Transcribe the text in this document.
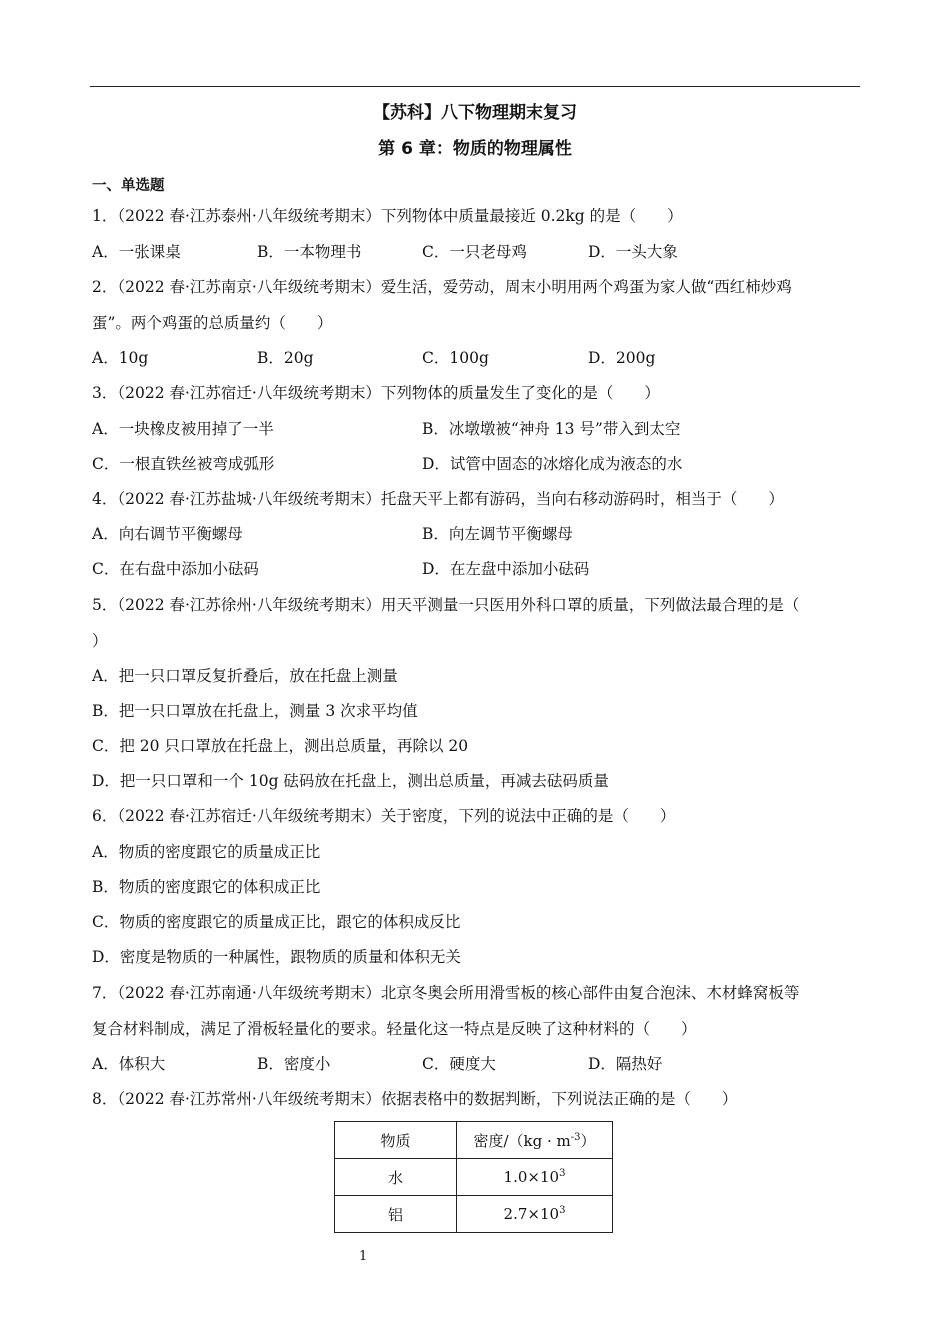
【苏科】八下物理期末复习
第 6 章：物质的物理属性
一、单选题
1．（2022 春·江苏泰州·八年级统考期末）下列物体中质量最接近 0.2kg 的是（　　）
A．一张课桌	B．一本物理书	C．一只老母鸡	D．一头大象
2．（2022 春·江苏南京·八年级统考期末）爱生活，爱劳动，周末小明用两个鸡蛋为家人做“西红柿炒鸡
蛋”。两个鸡蛋的总质量约（　　）
A．10g	B．20g	C．100g	D．200g
3．（2022 春·江苏宿迁·八年级统考期末）下列物体的质量发生了变化的是（　　）
A．一块橡皮被用掉了一半	B．冰墩墩被“神舟 13 号”带入到太空
C．一根直铁丝被弯成弧形	D．试管中固态的冰熔化成为液态的水
4．（2022 春·江苏盐城·八年级统考期末）托盘天平上都有游码，当向右移动游码时，相当于（　　）
A．向右调节平衡螺母	B．向左调节平衡螺母
C．在右盘中添加小砝码	D．在左盘中添加小砝码
5．（2022 春·江苏徐州·八年级统考期末）用天平测量一只医用外科口罩的质量，下列做法最合理的是（
）
A．把一只口罩反复折叠后，放在托盘上测量
B．把一只口罩放在托盘上，测量 3 次求平均值
C．把 20 只口罩放在托盘上，测出总质量，再除以 20
D．把一只口罩和一个 10g 砝码放在托盘上，测出总质量，再减去砝码质量
6．（2022 春·江苏宿迁·八年级统考期末）关于密度，下列的说法中正确的是（　　）
A．物质的密度跟它的质量成正比
B．物质的密度跟它的体积成正比
C．物质的密度跟它的质量成正比，跟它的体积成反比
D．密度是物质的一种属性，跟物质的质量和体积无关
7．（2022 春·江苏南通·八年级统考期末）北京冬奥会所用滑雪板的核心部件由复合泡沫、木材蜂窝板等
复合材料制成，满足了滑板轻量化的要求。轻量化这一特点是反映了这种材料的（　　）
A．体积大	B．密度小	C．硬度大	D．隔热好
8．（2022 春·江苏常州·八年级统考期末）依据表格中的数据判断，下列说法正确的是（　　）
物质	密度$/(kg \cdot m^{-3})$
水	$1.0\times 10^3$
铝	$2.7\times 10^3$
1
